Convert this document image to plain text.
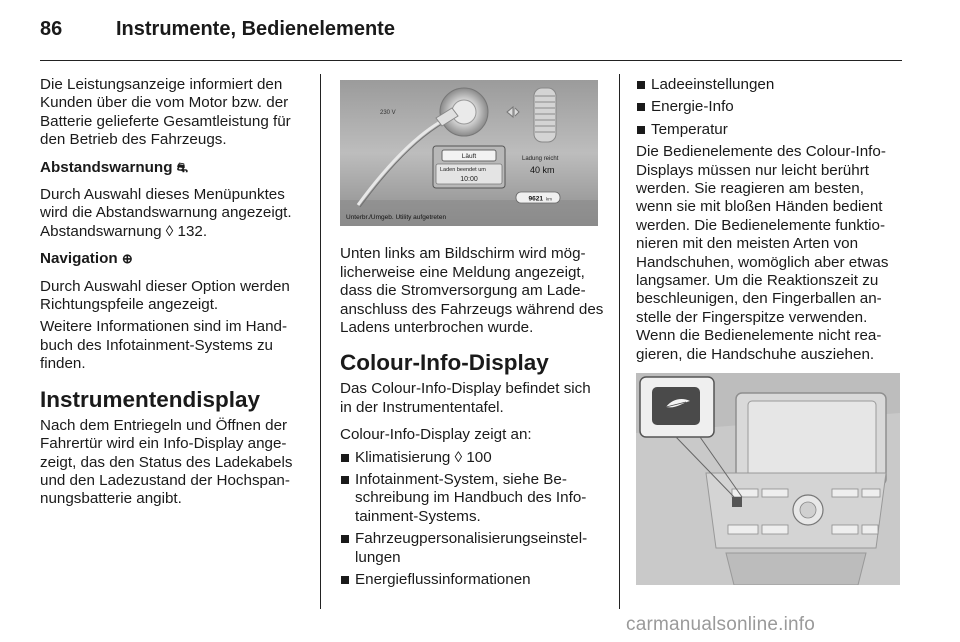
86	Instrumente, Bedienelemente

Die Leistungsanzeige informiert den Kunden über die vom Motor bzw. der Batterie gelieferte Gesamtleistung für den Betrieb des Fahrzeugs.

Abstandswarnung ⛐

Durch Auswahl dieses Menüpunktes wird die Abstandswarnung angezeigt. Abstandswarnung ◊ 132.

Navigation ⊕

Durch Auswahl dieser Option werden Richtungspfeile angezeigt.

Weitere Informationen sind im Handbuch des Infotainment-Systems zu finden.

Instrumentendisplay

Nach dem Entriegeln und Öffnen der Fahrertür wird ein Info-Display angezeigt, das den Status des Ladekabels und den Ladezustand der Hochspannungsbatterie angibt.

230 V
Läuft
Laden beendet um
10:00
Ladung reicht
40 km
9621 km
Unterbr./Umgeb. Utility aufgetreten

Unten links am Bildschirm wird möglicherweise eine Meldung angezeigt, dass die Stromversorgung am Ladeanschluss des Fahrzeugs während des Ladens unterbrochen wurde.

Colour-Info-Display

Das Colour-Info-Display befindet sich in der Instrumententafel.

Colour-Info-Display zeigt an:

Klimatisierung ◊ 100
Infotainment-System, siehe Beschreibung im Handbuch des Infotainment-Systems.
Fahrzeugpersonalisierungseinstellungen
Energieflussinformationen
Ladeeinstellungen
Energie-Info
Temperatur

Die Bedienelemente des Colour-Info-Displays müssen nur leicht berührt werden. Sie reagieren am besten, wenn sie mit bloßen Händen bedient werden. Die Bedienelemente funktionieren mit den meisten Arten von Handschuhen, womöglich aber etwas langsamer. Um die Reaktionszeit zu beschleunigen, den Fingerballen anstelle der Fingerspitze verwenden. Wenn die Bedienelemente nicht reagieren, die Handschuhe ausziehen.

carmanualsonline.info
